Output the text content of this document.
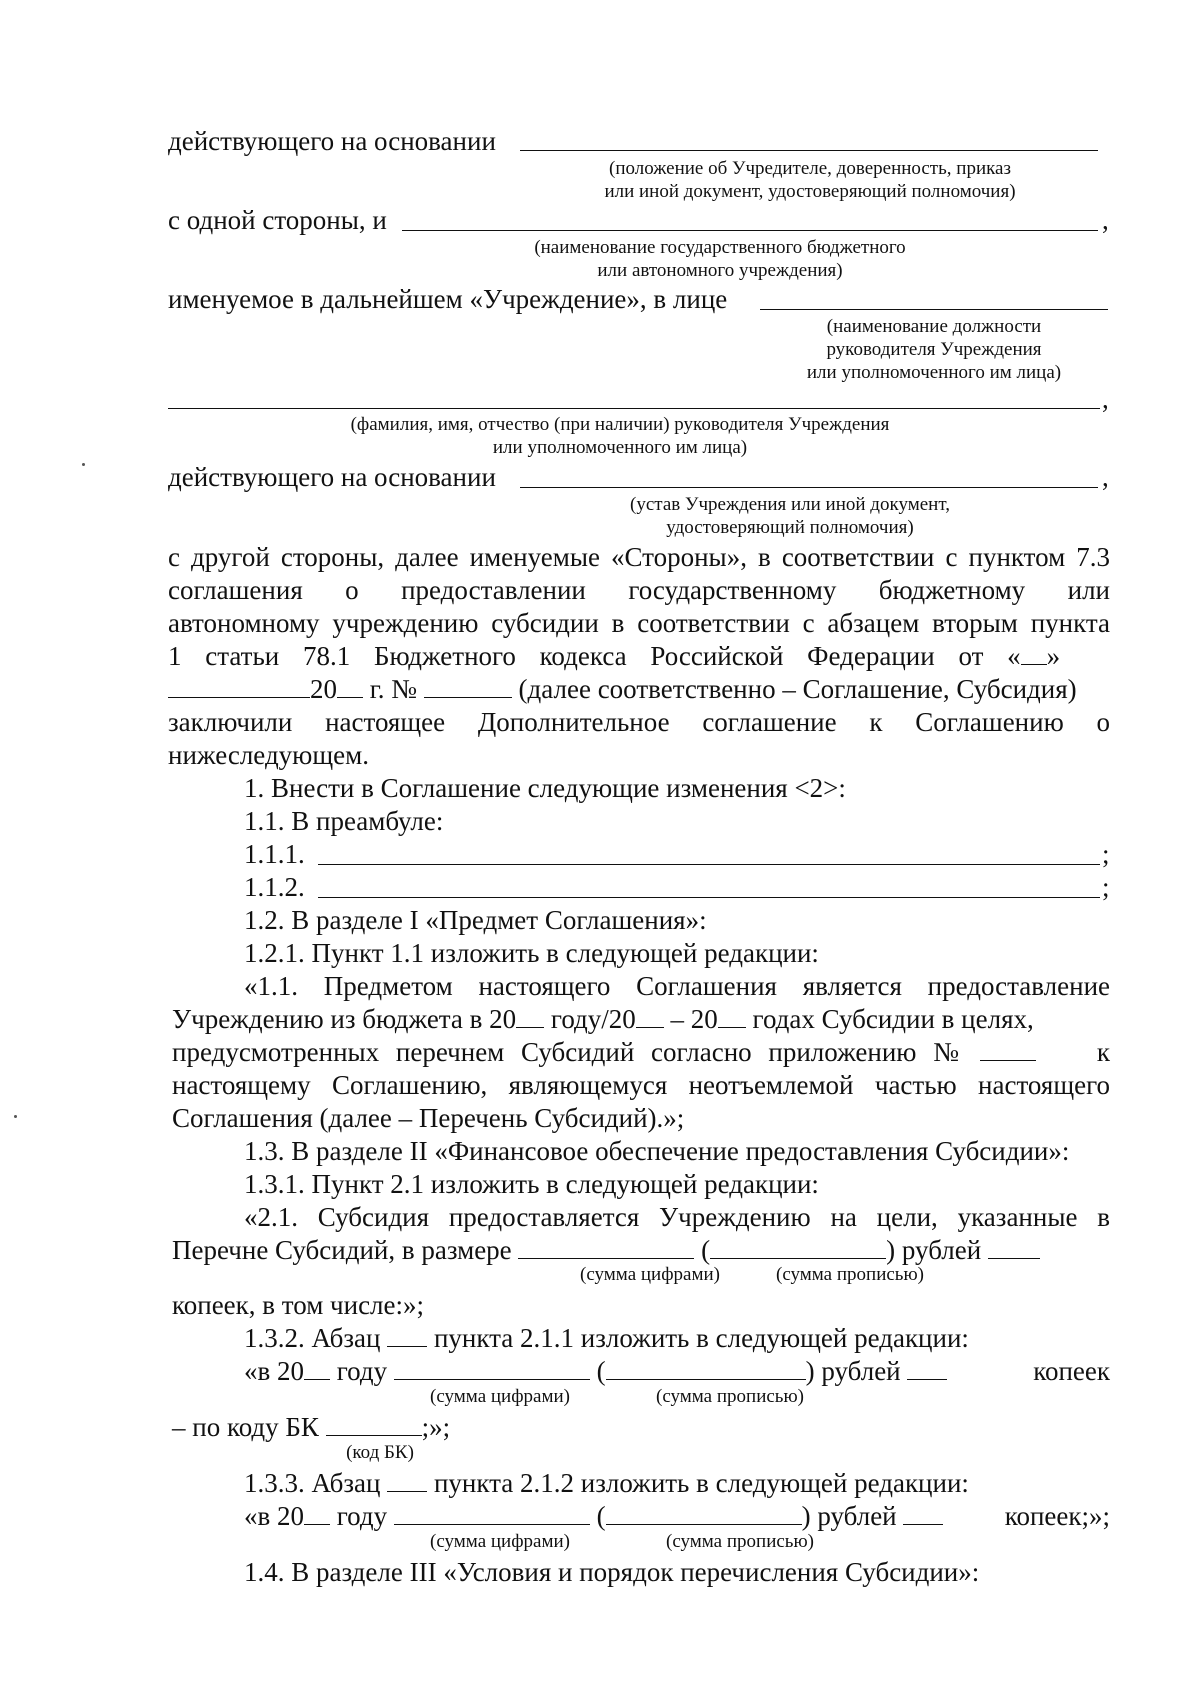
действующего на основании
(положение об Учредителе, доверенность, приказ
или иной документ, удостоверяющий полномочия)
с одной стороны, и	,
(наименование государственного бюджетного
или автономного учреждения)
именуемое в дальнейшем «Учреждение», в лице
(наименование должности
руководителя Учреждения
или уполномоченного им лица)
,
(фамилия, имя, отчество (при наличии) руководителя Учреждения
или уполномоченного им лица)
действующего на основании	,
(устав Учреждения или иной документ,
удостоверяющий полномочия)
с другой стороны, далее именуемые «Стороны», в соответствии с пунктом 7.3
соглашения о предоставлении государственному бюджетному или
автономному учреждению субсидии в соответствии с абзацем вторым пункта
1 статьи 78.1 Бюджетного кодекса Российской Федерации от « »
20 г. №	(далее соответственно – Соглашение, Субсидия)
заключили настоящее Дополнительное соглашение к Соглашению о
нижеследующем.
1. Внести в Соглашение следующие изменения <2>:
1.1. В преамбуле:
1.1.1.	;
1.1.2.	;
1.2. В разделе I «Предмет Соглашения»:
1.2.1. Пункт 1.1 изложить в следующей редакции:
«1.1. Предметом настоящего Соглашения является предоставление
Учреждению из бюджета в 20 году/20 – 20 годах Субсидии в целях,
предусмотренных перечнем Субсидий согласно приложению №	к
настоящему Соглашению, являющемуся неотъемлемой частью настоящего
Соглашения (далее – Перечень Субсидий).»;
1.3. В разделе II «Финансовое обеспечение предоставления Субсидии»:
1.3.1. Пункт 2.1 изложить в следующей редакции:
«2.1. Субсидия предоставляется Учреждению на цели, указанные в
Перечне Субсидий, в размере	(	) рублей
(сумма цифрами)	(сумма прописью)
копеек, в том числе:»;
1.3.2. Абзац пункта 2.1.1 изложить в следующей редакции:
«в 20 году	(	) рублей	копеек
(сумма цифрами)	(сумма прописью)
– по коду БК	;»;
(код БК)
1.3.3. Абзац пункта 2.1.2 изложить в следующей редакции:
«в 20 году	(	) рублей	копеек;»;
(сумма цифрами)	(сумма прописью)
1.4. В разделе III «Условия и порядок перечисления Субсидии»:
